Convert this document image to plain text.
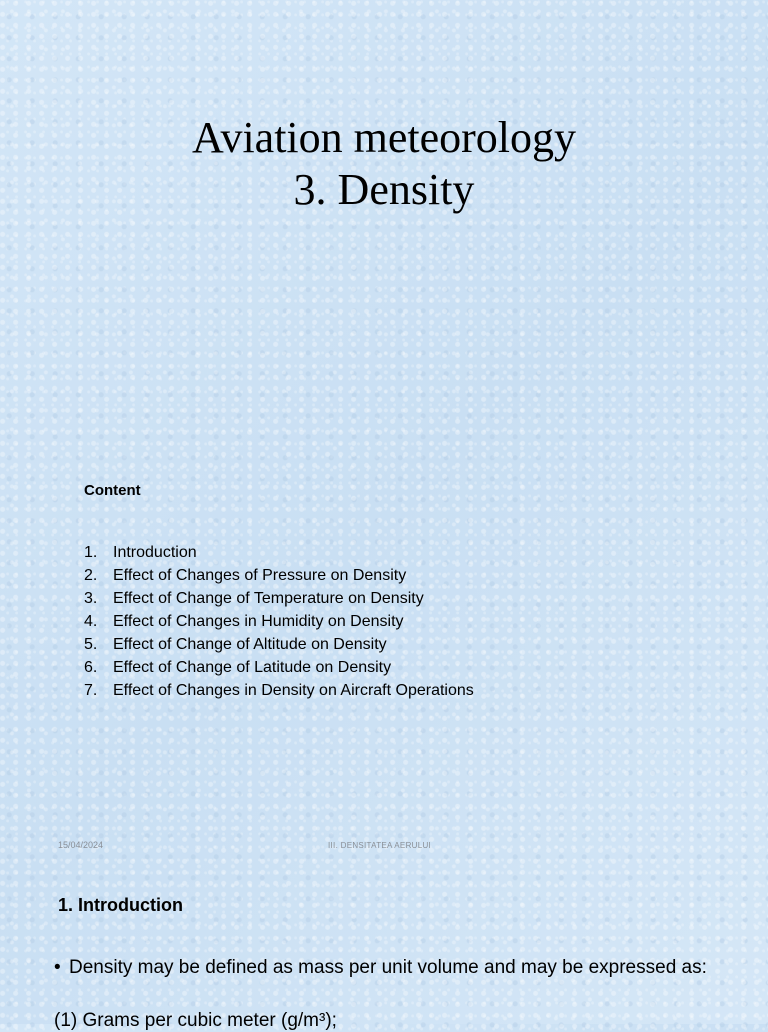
Aviation meteorology
3. Density

Content

1. Introduction
2. Effect of Changes of Pressure on Density
3. Effect of Change of Temperature on Density
4. Effect of Changes in Humidity on Density
5. Effect of Change of Altitude on Density
6. Effect of Change of Latitude on Density
7. Effect of Changes in Density on Aircraft Operations
15/04/2024	III. DENSITATEA AERULUI
1. Introduction
• Density may be defined as mass per unit volume and may be expressed as:
(1) Grams per cubic meter (g/m³);
